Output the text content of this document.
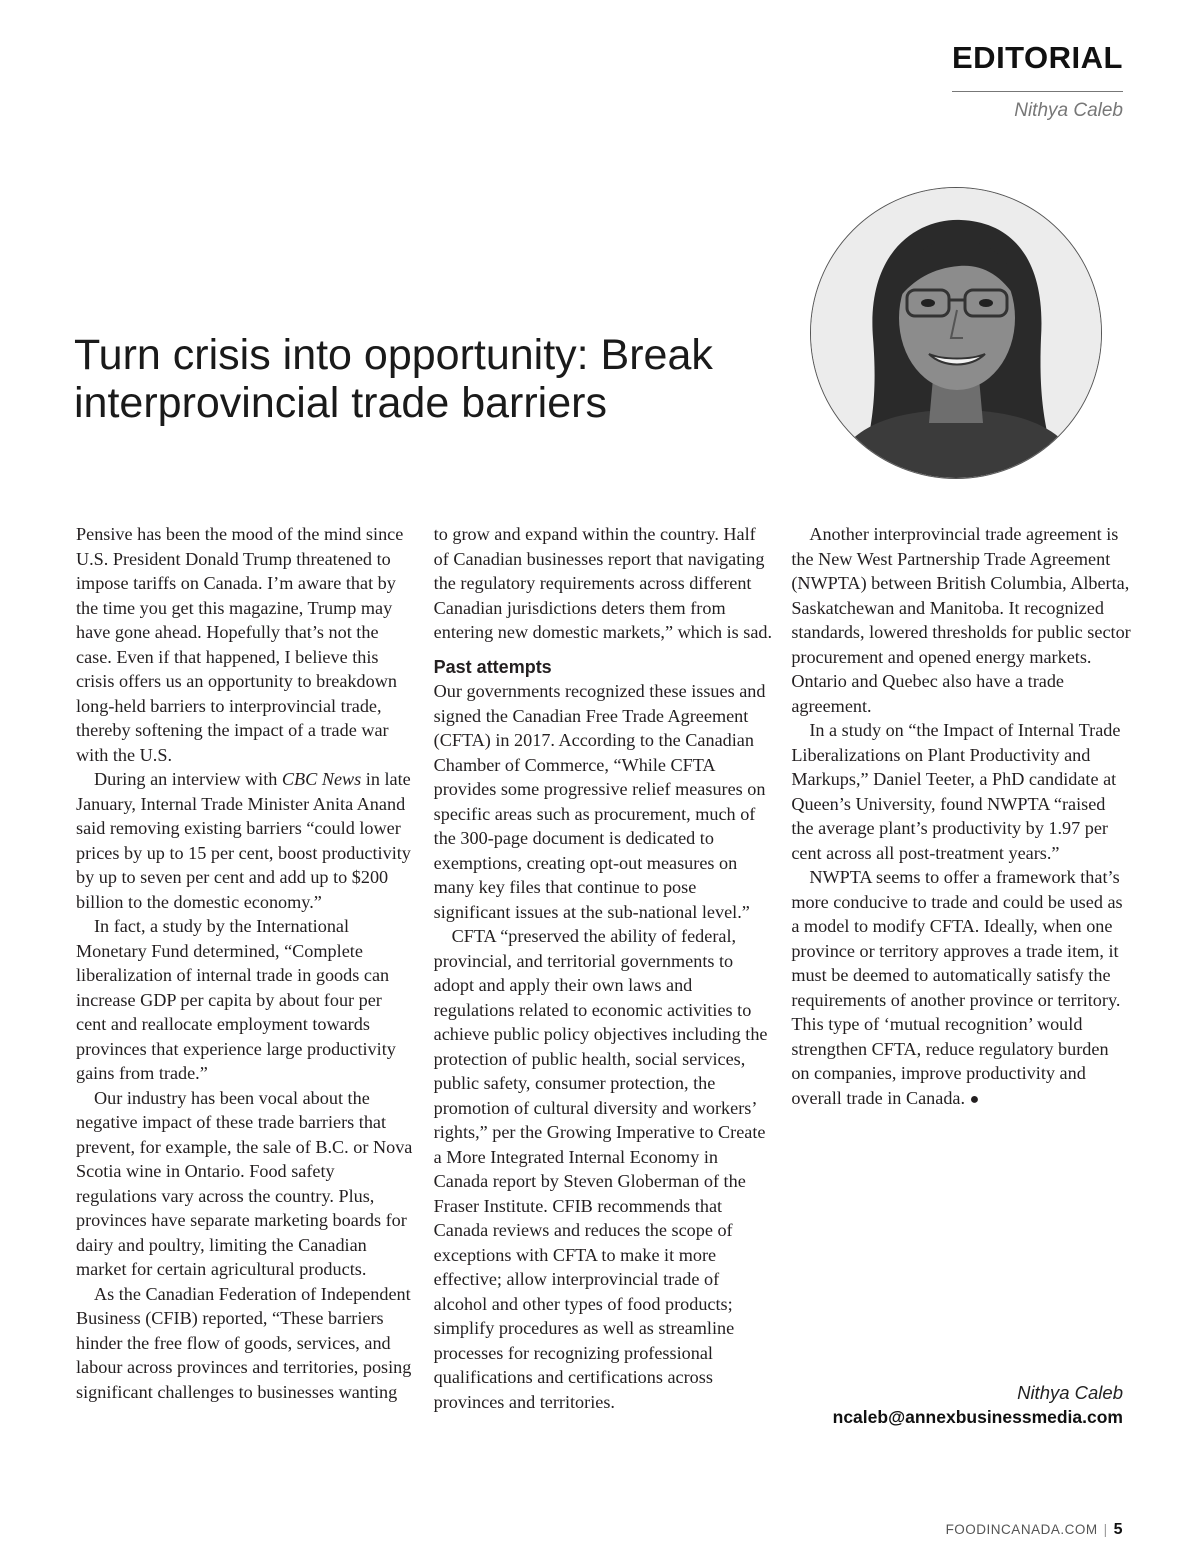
EDITORIAL
Nithya Caleb
Turn crisis into opportunity: Break interprovincial trade barriers

Pensive has been the mood of the mind since U.S. President Donald Trump threatened to impose tariffs on Canada. I’m aware that by the time you get this magazine, Trump may have gone ahead. Hopefully that’s not the case. Even if that happened, I believe this crisis offers us an opportunity to breakdown long-held barriers to interprovincial trade, thereby softening the impact of a trade war with the U.S.

During an interview with CBC News in late January, Internal Trade Minister Anita Anand said removing existing barriers “could lower prices by up to 15 per cent, boost productivity by up to seven per cent and add up to $200 billion to the domestic economy.”

In fact, a study by the International Monetary Fund determined, “Complete liberalization of internal trade in goods can increase GDP per capita by about four per cent and reallocate employment towards provinces that experience large productivity gains from trade.”

Our industry has been vocal about the negative impact of these trade barriers that prevent, for example, the sale of B.C. or Nova Scotia wine in Ontario. Food safety regulations vary across the country. Plus, provinces have separate marketing boards for dairy and poultry, limiting the Canadian market for certain agricultural products.

As the Canadian Federation of Independent Business (CFIB) reported, “These barriers hinder the free flow of goods, services, and labour across provinces and territories, posing significant challenges to businesses wanting to grow and expand within the country. Half of Canadian businesses report that navigating the regulatory requirements across different Canadian jurisdictions deters them from entering new domestic markets,” which is sad.

Past attempts

Our governments recognized these issues and signed the Canadian Free Trade Agreement (CFTA) in 2017. According to the Canadian Chamber of Commerce, “While CFTA provides some progressive relief measures on specific areas such as procurement, much of the 300-page document is dedicated to exemptions, creating opt-out measures on many key files that continue to pose significant issues at the sub-national level.”

CFTA “preserved the ability of federal, provincial, and territorial governments to adopt and apply their own laws and regulations related to economic activities to achieve public policy objectives including the protection of public health, social services, public safety, consumer protection, the promotion of cultural diversity and workers’ rights,” per the Growing Imperative to Create a More Integrated Internal Economy in Canada report by Steven Globerman of the Fraser Institute. CFIB recommends that Canada reviews and reduces the scope of exceptions with CFTA to make it more effective; allow interprovincial trade of alcohol and other types of food products; simplify procedures as well as streamline processes for recognizing professional qualifications and certifications across provinces and territories.

Another interprovincial trade agreement is the New West Partnership Trade Agreement (NWPTA) between British Columbia, Alberta, Saskatchewan and Manitoba. It recognized standards, lowered thresholds for public sector procurement and opened energy markets. Ontario and Quebec also have a trade agreement.

In a study on “the Impact of Internal Trade Liberalizations on Plant Productivity and Markups,” Daniel Teeter, a PhD candidate at Queen’s University, found NWPTA “raised the average plant’s productivity by 1.97 per cent across all post-treatment years.”

NWPTA seems to offer a framework that’s more conducive to trade and could be used as a model to modify CFTA. Ideally, when one province or territory approves a trade item, it must be deemed to automatically satisfy the requirements of another province or territory. This type of ‘mutual recognition’ would strengthen CFTA, reduce regulatory burden on companies, improve productivity and overall trade in Canada. ●

Nithya Caleb
ncaleb@annexbusinessmedia.com
FOODINCANADA.COM | 5
